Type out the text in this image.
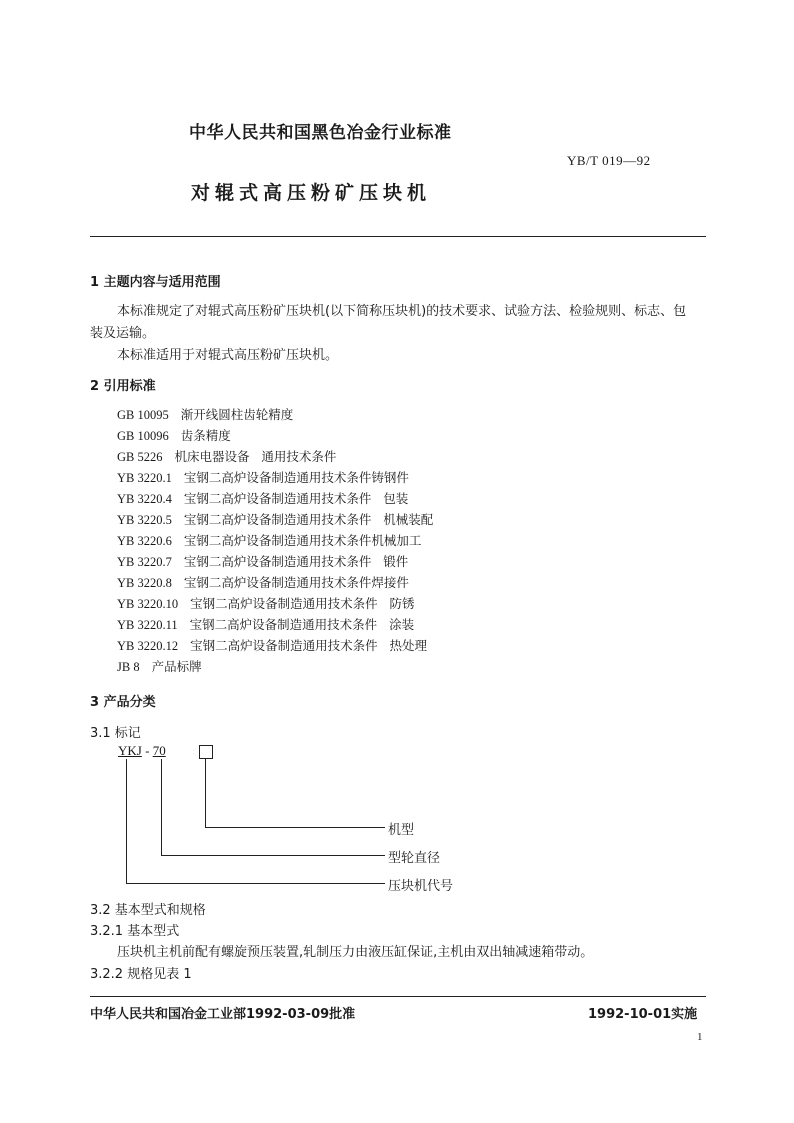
中华人民共和国黑色冶金行业标准
YB/T 019—92
对辊式高压粉矿压块机
1 主题内容与适用范围
本标准规定了对辊式高压粉矿压块机(以下简称压块机)的技术要求、试验方法、检验规则、标志、包
装及运输。
本标准适用于对辊式高压粉矿压块机。
2 引用标准
GB 10095 渐开线圆柱齿轮精度
GB 10096 齿条精度
GB 5226 机床电器设备   通用技术条件
YB 3220.1 宝钢二高炉设备制造通用技术条件铸钢件
YB 3220.4 宝钢二高炉设备制造通用技术条件   包装
YB 3220.5 宝钢二高炉设备制造通用技术条件   机械装配
YB 3220.6 宝钢二高炉设备制造通用技术条件机械加工
YB 3220.7 宝钢二高炉设备制造通用技术条件   锻件
YB 3220.8 宝钢二高炉设备制造通用技术条件焊接件
YB 3220.10 宝钢二高炉设备制造通用技术条件   防锈
YB 3220.11 宝钢二高炉设备制造通用技术条件   涂装
YB 3220.12 宝钢二高炉设备制造通用技术条件   热处理
JB 8 产品标牌
3 产品分类
3.1 标记
YKJ - 70
机型
型轮直径
压块机代号
3.2 基本型式和规格
3.2.1 基本型式
压块机主机前配有螺旋预压装置,轧制压力由液压缸保证,主机由双出轴减速箱带动。
3.2.2 规格见表 1
中华人民共和国冶金工业部1992-03-09批准	1992-10-01实施
1
